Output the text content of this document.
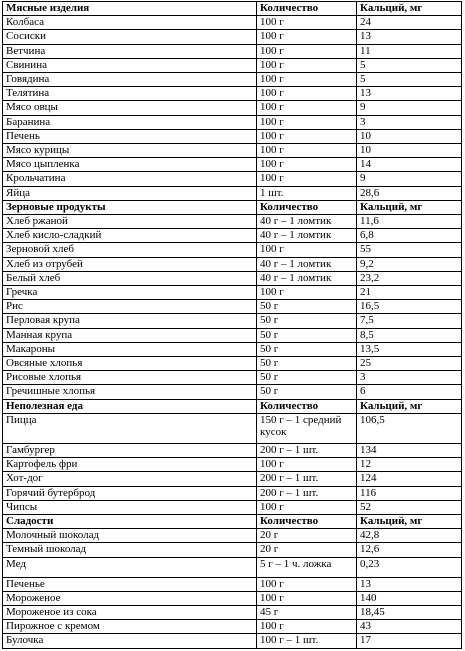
Мясные изделия	Количество	Кальций, мг
Колбаса	100 г	24
Сосиски	100 г	13
Ветчина	100 г	11
Свинина	100 г	5
Говядина	100 г	5
Телятина	100 г	13
Мясо овцы	100 г	9
Баранина	100 г	3
Печень	100 г	10
Мясо курицы	100 г	10
Мясо цыпленка	100 г	14
Крольчатина	100 г	9
Яйца	1 шт.	28,6
Зерновые продукты	Количество	Кальций, мг
Хлеб ржаной	40 г – 1 ломтик	11,6
Хлеб кисло-сладкий	40 г – 1 ломтик	6,8
Зерновой хлеб	100 г	55
Хлеб из отрубей	40 г – 1 ломтик	9,2
Белый хлеб	40 г – 1 ломтик	23,2
Гречка	100 г	21
Рис	50 г	16,5
Перловая крупа	50 г	7,5
Манная крупа	50 г	8,5
Макароны	50 г	13,5
Овсяные хлопья	50 г	25
Рисовые хлопья	50 г	3
Гречишные хлопья	50 г	6
Неполезная еда	Количество	Кальций, мг
Пицца	150 г – 1 средний кусок	106,5
Гамбургер	200 г – 1 шт.	134
Картофель фри	100 г	12
Хот-дог	200 г – 1 шт.	124
Горячий бутерброд	200 г – 1 шт.	116
Чипсы	100 г	52
Сладости	Количество	Кальций, мг
Молочный шоколад	20 г	42,8
Темный шоколад	20 г	12,6
Мед	5 г – 1 ч. ложка	0,23
Печенье	100 г	13
Мороженое	100 г	140
Мороженое из сока	45 г	18,45
Пирожное с кремом	100 г	43
Булочка	100 г – 1 шт.	17
